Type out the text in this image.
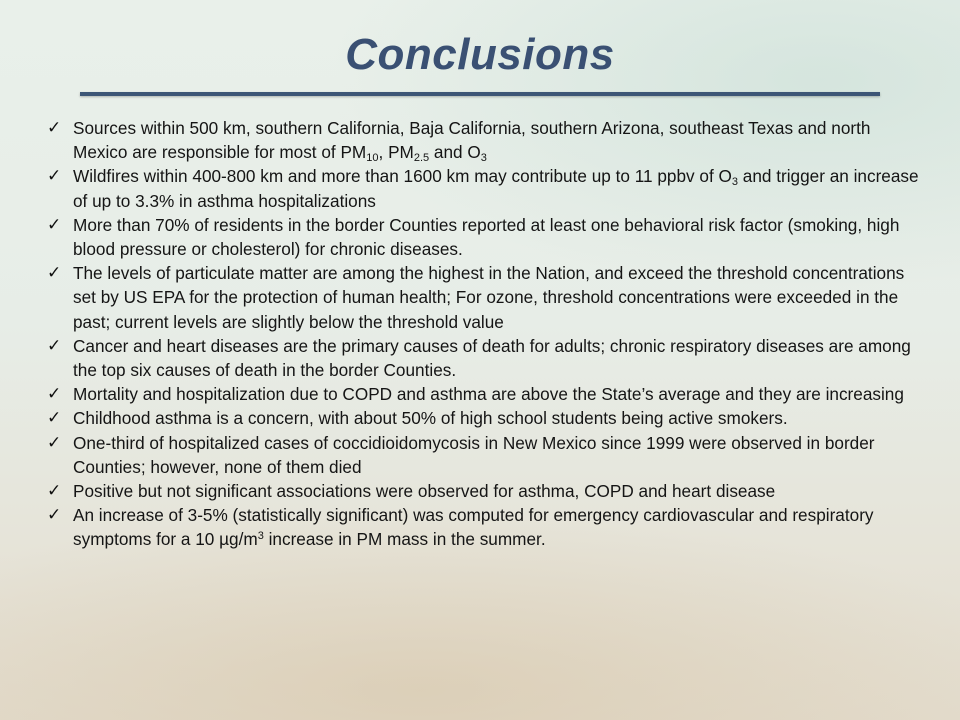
Conclusions
✓ Sources within 500 km, southern California, Baja California, southern Arizona, southeast Texas and north Mexico are responsible for most of $PM_{10}$, $PM_{2.5}$ and $O_3$
✓ Wildfires within 400-800 km and more than 1600 km may contribute up to 11 ppbv of $O_3$ and trigger an increase of up to 3.3% in asthma hospitalizations
✓ More than 70% of residents in the border Counties reported at least one behavioral risk factor (smoking, high blood pressure or cholesterol) for chronic diseases.
✓ The levels of particulate matter are among the highest in the Nation, and exceed the threshold concentrations set by US EPA for the protection of human health; For ozone, threshold concentrations were exceeded in the past; current levels are slightly below the threshold value
✓ Cancer and heart diseases are the primary causes of death for adults; chronic respiratory diseases are among the top six causes of death in the border Counties.
✓ Mortality and hospitalization due to COPD and asthma are above the State’s average and they are increasing
✓ Childhood asthma is a concern, with about 50% of high school students being active smokers.
✓ One-third of hospitalized cases of coccidioidomycosis in New Mexico since 1999 were observed in border Counties; however, none of them died
✓ Positive but not significant associations were observed for asthma, COPD and heart disease
✓ An increase of 3-5% (statistically significant) was computed for emergency cardiovascular and respiratory symptoms for a 10 $\mu g/m^3$ increase in PM mass in the summer.
